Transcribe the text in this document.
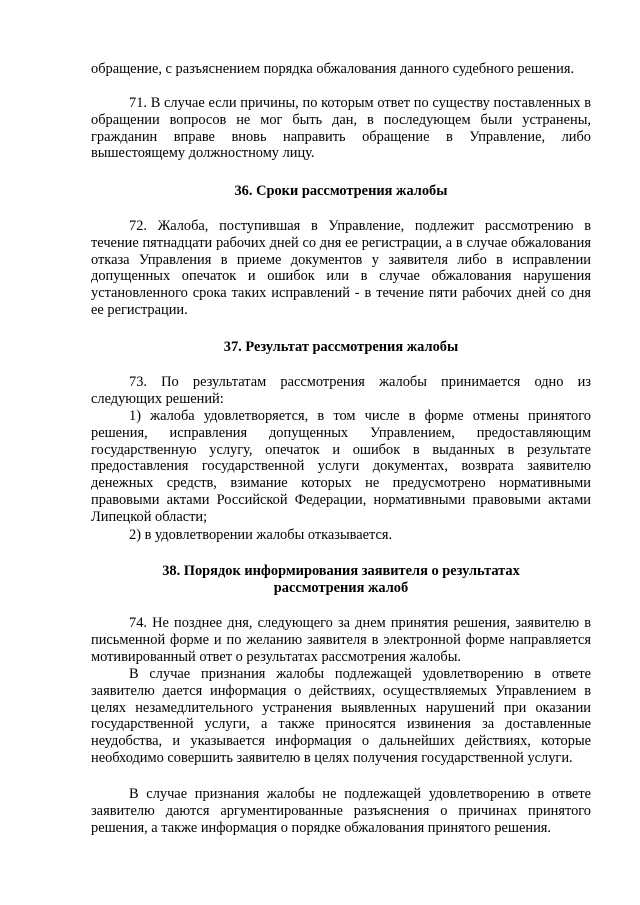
обращение, с разъяснением порядка обжалования данного судебного решения.

71. В случае если причины, по которым ответ по существу поставленных в обращении вопросов не мог быть дан, в последующем были устранены, гражданин вправе вновь направить обращение в Управление, либо вышестоящему должностному лицу.

36. Сроки рассмотрения жалобы

72. Жалоба, поступившая в Управление, подлежит рассмотрению в течение пятнадцати рабочих дней со дня ее регистрации, а в случае обжалования отказа Управления в приеме документов у заявителя либо в исправлении допущенных опечаток и ошибок или в случае обжалования нарушения установленного срока таких исправлений - в течение пяти рабочих дней со дня ее регистрации.

37. Результат рассмотрения жалобы

73. По результатам рассмотрения жалобы принимается одно из следующих решений:

1) жалоба удовлетворяется, в том числе в форме отмены принятого решения, исправления допущенных Управлением, предоставляющим государственную услугу, опечаток и ошибок в выданных в результате предоставления государственной услуги документах, возврата заявителю денежных средств, взимание которых не предусмотрено нормативными правовыми актами Российской Федерации, нормативными правовыми актами Липецкой области;

2) в удовлетворении жалобы отказывается.

38. Порядок информирования заявителя о результатах

рассмотрения жалоб

74. Не позднее дня, следующего за днем принятия решения, заявителю в письменной форме и по желанию заявителя в электронной форме направляется мотивированный ответ о результатах рассмотрения жалобы.

В случае признания жалобы подлежащей удовлетворению в ответе заявителю дается информация о действиях, осуществляемых Управлением в целях незамедлительного устранения выявленных нарушений при оказании государственной услуги, а также приносятся извинения за доставленные неудобства, и указывается информация о дальнейших действиях, которые необходимо совершить заявителю в целях получения государственной услуги.

В случае признания жалобы не подлежащей удовлетворению в ответе заявителю даются аргументированные разъяснения о причинах принятого решения, а также информация о порядке обжалования принятого решения.
